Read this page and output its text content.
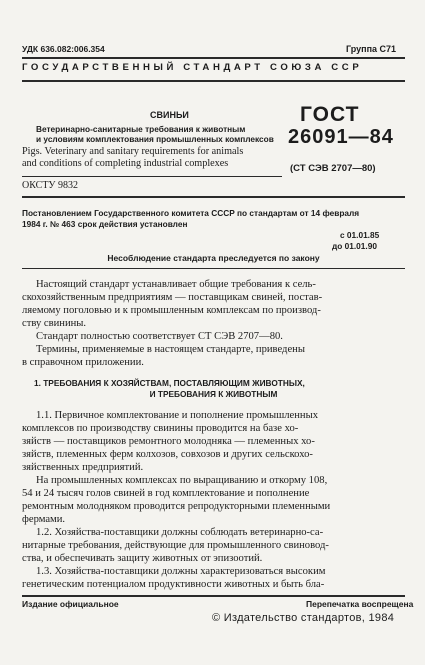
УДК 636.082:006.354	Группа С71
ГОСУДАРСТВЕННЫЙ СТАНДАРТ СОЮЗА ССР
СВИНЬИ
Ветеринарно-санитарные требования к животным
и условиям комплектования промышленных комплексов
Pigs. Veterinary and sanitary requirements for animals
and conditions of completing industrial complexes
ГОСТ
26091—84
(СТ СЭВ 2707—80)
ОКСТУ 9832
Постановлением Государственного комитета СССР по стандартам от 14 февраля
1984 г. № 463 срок действия установлен
с 01.01.85
до 01.01.90
Несоблюдение стандарта преследуется по закону
Настоящий стандарт устанавливает общие требования к сель-
скохозяйственным предприятиям — поставщикам свиней, постав-
ляемому поголовью и к промышленным комплексам по производ-
ству свинины.
Стандарт полностью соответствует СТ СЭВ 2707—80.
Термины, применяемые в настоящем стандарте, приведены
в справочном приложении.
1. ТРЕБОВАНИЯ К ХОЗЯЙСТВАМ, ПОСТАВЛЯЮЩИМ ЖИВОТНЫХ,
И ТРЕБОВАНИЯ К ЖИВОТНЫМ
1.1. Первичное комплектование и пополнение промышленных
комплексов по производству свинины проводится на базе хо-
зяйств — поставщиков ремонтного молодняка — племенных хо-
зяйств, племенных ферм колхозов, совхозов и других сельскохо-
зяйственных предприятий.
На промышленных комплексах по выращиванию и откорму 108,
54 и 24 тысяч голов свиней в год комплектование и пополнение
ремонтным молодняком проводится репродукторными племенными
фермами.
1.2. Хозяйства-поставщики должны соблюдать ветеринарно-са-
нитарные требования, действующие для промышленного свиновод-
ства, и обеспечивать защиту животных от эпизоотий.
1.3. Хозяйства-поставщики должны характеризоваться высоким
генетическим потенциалом продуктивности животных и быть бла-
Издание официальное	Перепечатка воспрещена
© Издательство стандартов, 1984
